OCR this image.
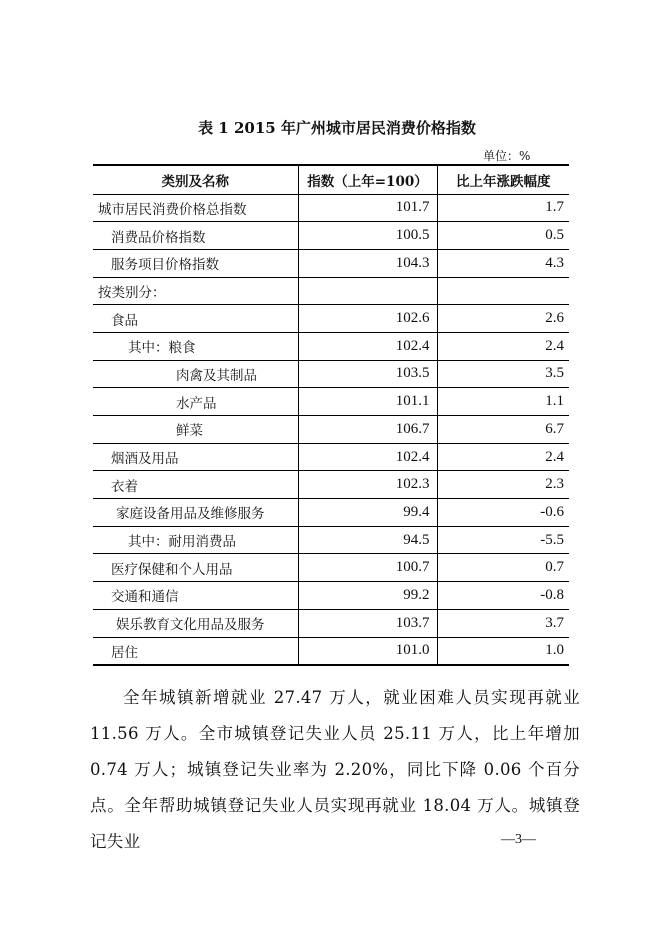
表 1 2015 年广州城市居民消费价格指数
单位：%
类别及名称	指数（上年=100）	比上年涨跌幅度
城市居民消费价格总指数	101.7	1.7
消费品价格指数	100.5	0.5
服务项目价格指数	104.3	4.3
按类别分：		
食品	102.6	2.6
其中：粮食	102.4	2.4
肉禽及其制品	103.5	3.5
水产品	101.1	1.1
鲜菜	106.7	6.7
烟酒及用品	102.4	2.4
衣着	102.3	2.3
家庭设备用品及维修服务	99.4	-0.6
其中：耐用消费品	94.5	-5.5
医疗保健和个人用品	100.7	0.7
交通和通信	99.2	-0.8
娱乐教育文化用品及服务	103.7	3.7
居住	101.0	1.0

全年城镇新增就业 27.47 万人，就业困难人员实现再就业 11.56 万人。全市城镇登记失业人员 25.11 万人，比上年增加 0.74 万人；城镇登记失业率为 2.20%，同比下降 0.06 个百分点。全年帮助城镇登记失业人员实现再就业 18.04 万人。城镇登记失业	—3—
